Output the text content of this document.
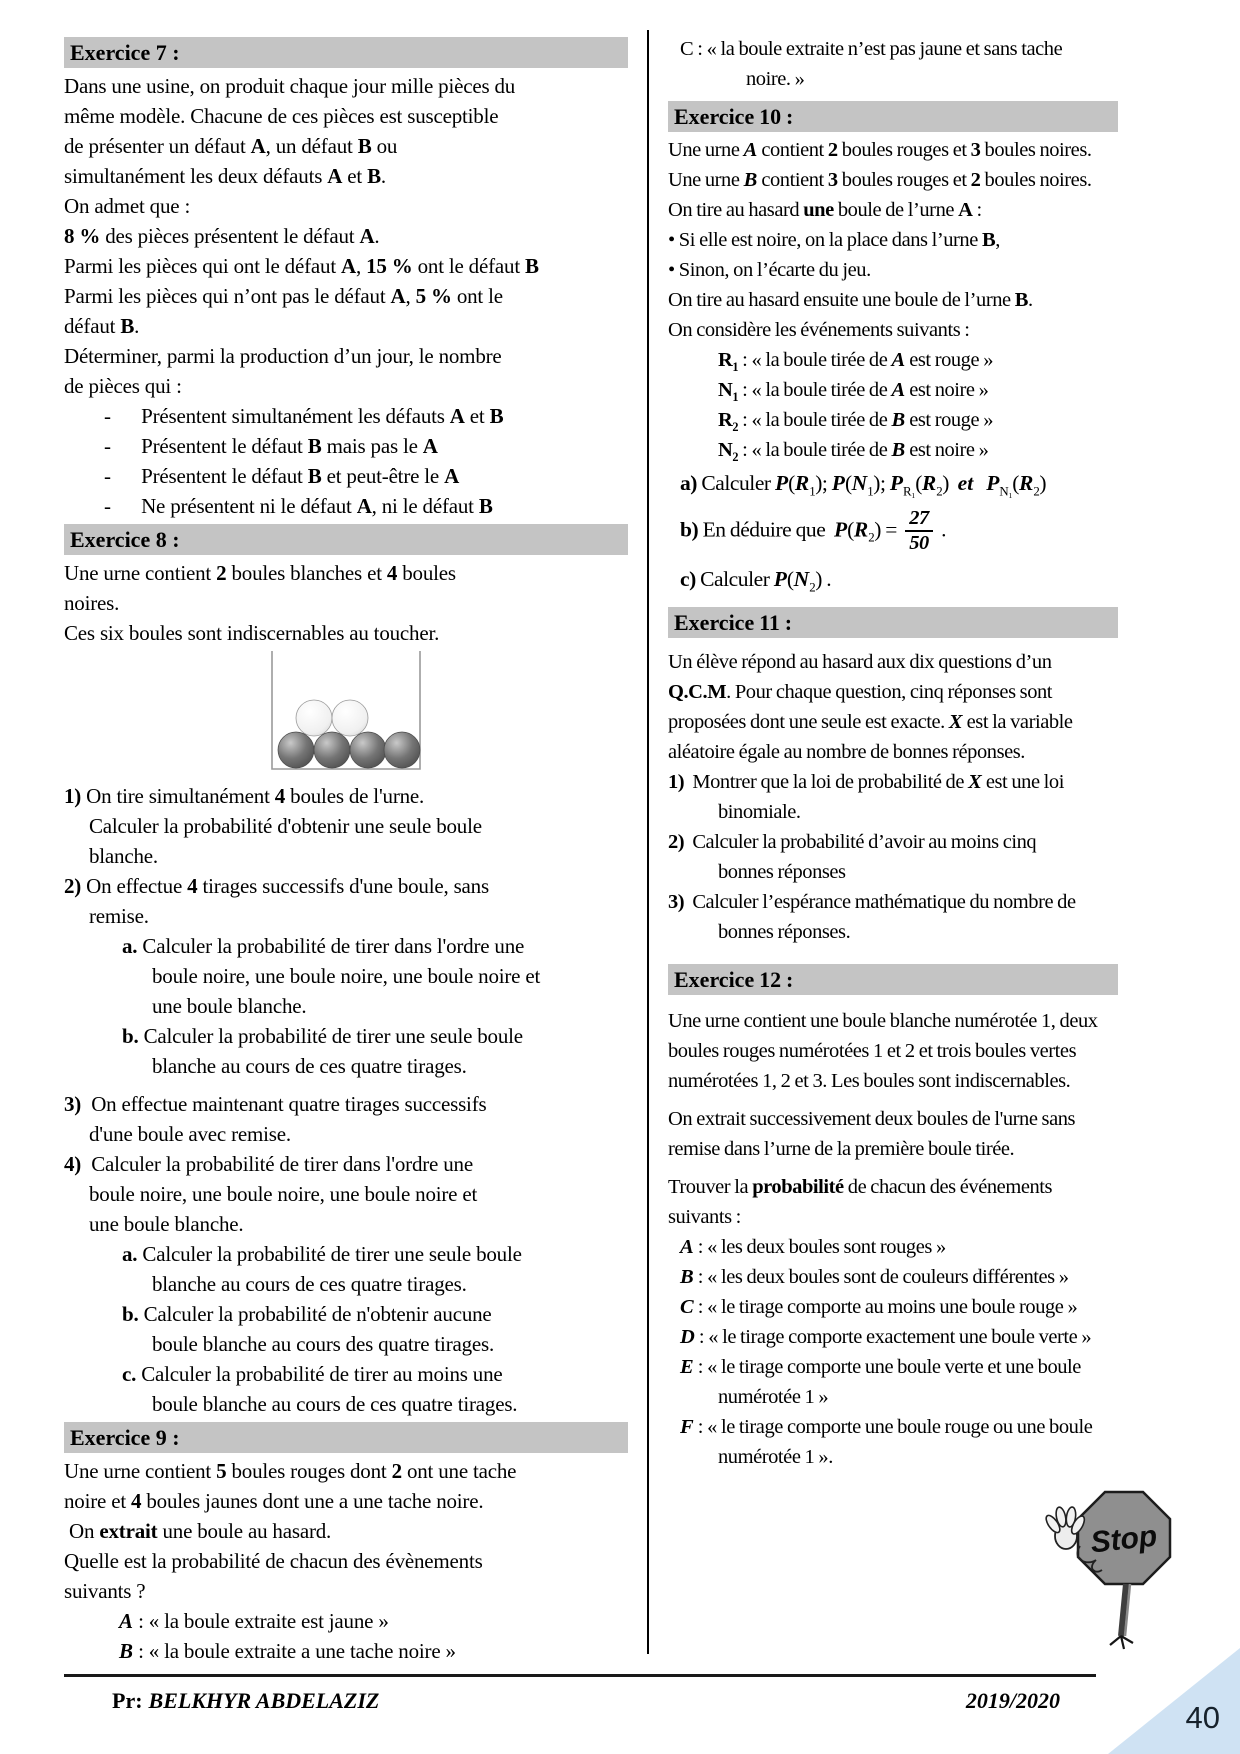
Exercice 7 :
Dans une usine, on produit chaque jour mille pièces du
même modèle. Chacune de ces pièces est susceptible
de présenter un défaut A, un défaut B ou
simultanément les deux défauts A et B.
On admet que :
8 % des pièces présentent le défaut A.
Parmi les pièces qui ont le défaut A, 15 % ont le défaut B
Parmi les pièces qui n’ont pas le défaut A, 5 % ont le
défaut B.
Déterminer, parmi la production d’un jour, le nombre
de pièces qui :
-      Présentent simultanément les défauts A et B
-      Présentent le défaut B mais pas le A
-      Présentent le défaut B et peut-être le A
-      Ne présentent ni le défaut A, ni le défaut B
Exercice 8 :
Une urne contient 2 boules blanches et 4 boules
noires.
Ces six boules sont indiscernables au toucher.
1) On tire simultanément 4 boules de l'urne.
Calculer la probabilité d'obtenir une seule boule
blanche.
2) On effectue 4 tirages successifs d'une boule, sans
remise.
a. Calculer la probabilité de tirer dans l'ordre une
boule noire, une boule noire, une boule noire et
une boule blanche.
b. Calculer la probabilité de tirer une seule boule
blanche au cours de ces quatre tirages.
3)  On effectue maintenant quatre tirages successifs
d'une boule avec remise.
4)  Calculer la probabilité de tirer dans l'ordre une
boule noire, une boule noire, une boule noire et
une boule blanche.
a. Calculer la probabilité de tirer une seule boule
blanche au cours de ces quatre tirages.
b. Calculer la probabilité de n'obtenir aucune
boule blanche au cours des quatre tirages.
c. Calculer la probabilité de tirer au moins une
boule blanche au cours de ces quatre tirages.
Exercice 9 :
Une urne contient 5 boules rouges dont 2 ont une tache
noire et 4 boules jaunes dont une a une tache noire.
On extrait une boule au hasard.
Quelle est la probabilité de chacun des évènements
suivants ?
A : « la boule extraite est jaune »
B : « la boule extraite a une tache noire »
C : « la boule extraite n’est pas jaune et sans tache
noire. »
Exercice 10 :
Une urne A contient 2 boules rouges et 3 boules noires.
Une urne B contient 3 boules rouges et 2 boules noires.
On tire au hasard une boule de l’urne A :
• Si elle est noire, on la place dans l’urne B,
• Sinon, on l’écarte du jeu.
On tire au hasard ensuite une boule de l’urne B.
On considère les événements suivants :
$R_1$ : « la boule tirée de A est rouge »
$N_1$ : « la boule tirée de A est noire »
$R_2$ : « la boule tirée de B est rouge »
$N_2$ : « la boule tirée de B est noire »
a) Calculer $P(R_1)$; $P(N_1)$; $P_{R_1}(R_2)$  et $P_{N_1}(R_2)$
b) En déduire que  $P(R_2) = \frac{27}{50}$ .
c) Calculer $P(N_2)$ .
Exercice 11 :
Un élève répond au hasard aux dix questions d’un
Q.C.M. Pour chaque question, cinq réponses sont
proposées dont une seule est exacte. X est la variable
aléatoire égale au nombre de bonnes réponses.
1)  Montrer que la loi de probabilité de X est une loi
binomiale.
2)  Calculer la probabilité d’avoir au moins cinq
bonnes réponses
3)  Calculer l’espérance mathématique du nombre de
bonnes réponses.
Exercice 12 :
Une urne contient une boule blanche numérotée 1, deux
boules rouges numérotées 1 et 2 et trois boules vertes
numérotées 1, 2 et 3. Les boules sont indiscernables.
On extrait successivement deux boules de l'urne sans
remise dans l’urne de la première boule tirée.
Trouver la probabilité de chacun des événements
suivants :
A : « les deux boules sont rouges »
B : « les deux boules sont de couleurs différentes »
C : « le tirage comporte au moins une boule rouge »
D : « le tirage comporte exactement une boule verte »
E : « le tirage comporte une boule verte et une boule
numérotée 1 »
F : « le tirage comporte une boule rouge ou une boule
numérotée 1 ».
Stop
Pr: BELKHYR ABDELAZIZ	2019/2020	40
